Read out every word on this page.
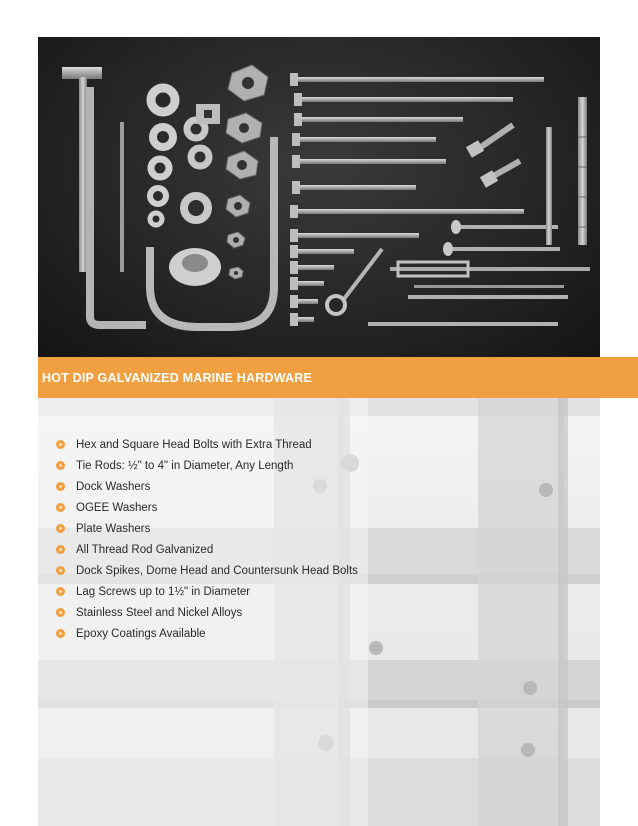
HOT DIP GALVANIZED MARINE HARDWARE
Hex and Square Head Bolts with Extra Thread
Tie Rods: ½" to 4" in Diameter, Any Length
Dock Washers
OGEE Washers
Plate Washers
All Thread Rod Galvanized
Dock Spikes, Dome Head and Countersunk Head Bolts
Lag Screws up to 1½" in Diameter
Stainless Steel and Nickel Alloys
Epoxy Coatings Available
